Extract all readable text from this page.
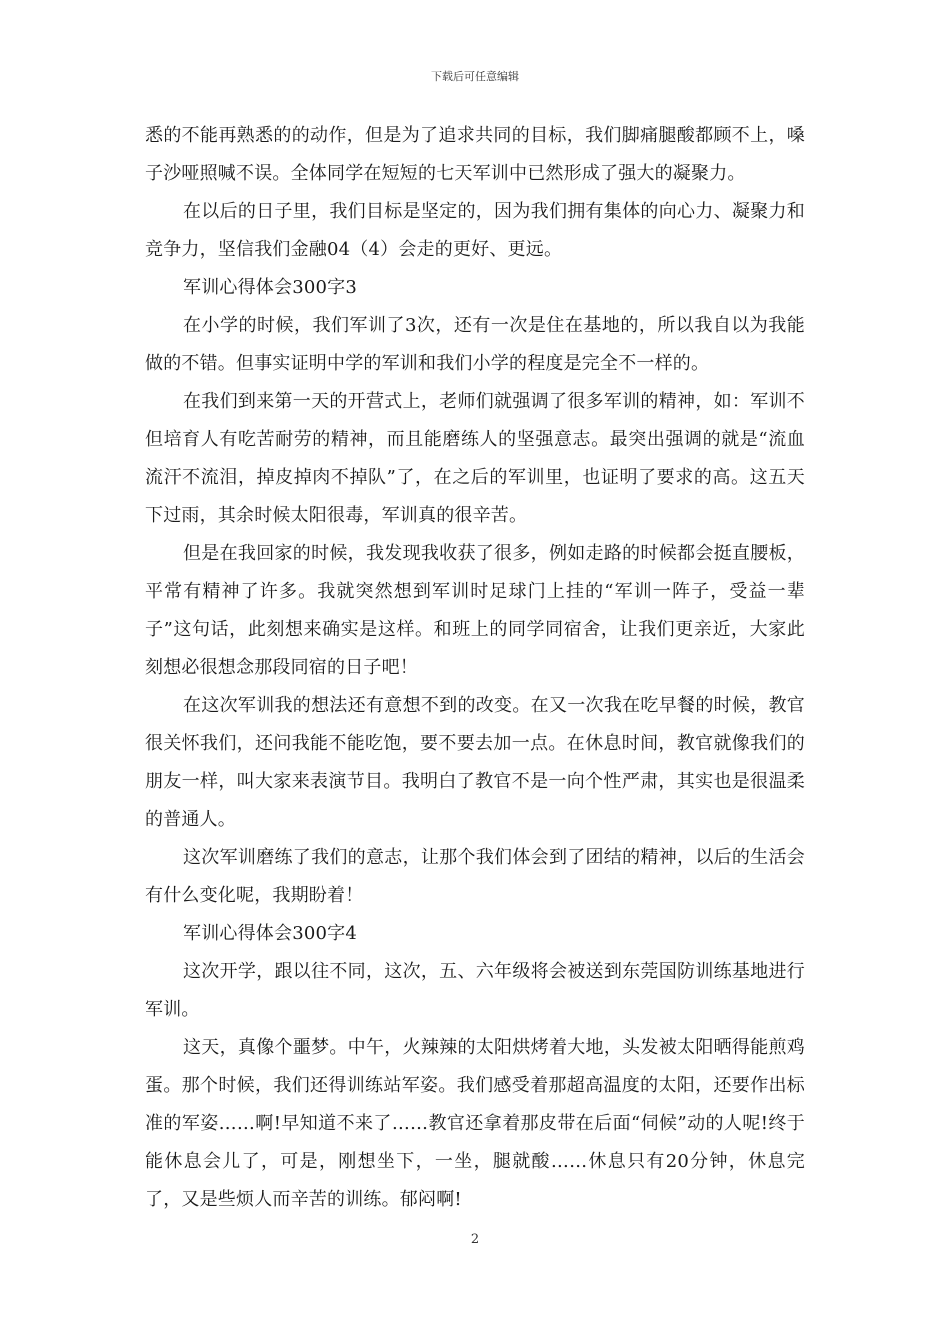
下载后可任意编辑

悉的不能再熟悉的的动作，但是为了追求共同的目标，我们脚痛腿酸都顾不上，嗓子沙哑照喊不误。全体同学在短短的七天军训中已然形成了强大的凝聚力。

在以后的日子里，我们目标是坚定的，因为我们拥有集体的向心力、凝聚力和竞争力，坚信我们金融04（4）会走的更好、更远。

军训心得体会300字3

在小学的时候，我们军训了3次，还有一次是住在基地的，所以我自以为我能做的不错。但事实证明中学的军训和我们小学的程度是完全不一样的。

在我们到来第一天的开营式上，老师们就强调了很多军训的精神，如：军训不但培育人有吃苦耐劳的精神，而且能磨练人的坚强意志。最突出强调的就是“流血流汗不流泪，掉皮掉肉不掉队”了，在之后的军训里，也证明了要求的高。这五天下过雨，其余时候太阳很毒，军训真的很辛苦。

但是在我回家的时候，我发现我收获了很多，例如走路的时候都会挺直腰板，平常有精神了许多。我就突然想到军训时足球门上挂的“军训一阵子，受益一辈子”这句话，此刻想来确实是这样。和班上的同学同宿舍，让我们更亲近，大家此刻想必很想念那段同宿的日子吧！

在这次军训我的想法还有意想不到的改变。在又一次我在吃早餐的时候，教官很关怀我们，还问我能不能吃饱，要不要去加一点。在休息时间，教官就像我们的朋友一样，叫大家来表演节目。我明白了教官不是一向个性严肃，其实也是很温柔的普通人。

这次军训磨练了我们的意志，让那个我们体会到了团结的精神，以后的生活会有什么变化呢，我期盼着！

军训心得体会300字4

这次开学，跟以往不同，这次，五、六年级将会被送到东莞国防训练基地进行军训。

这天，真像个噩梦。中午，火辣辣的太阳烘烤着大地，头发被太阳晒得能煎鸡蛋。那个时候，我们还得训练站军姿。我们感受着那超高温度的太阳，还要作出标准的军姿……啊!早知道不来了……教官还拿着那皮带在后面“伺候”动的人呢!终于能休息会儿了，可是，刚想坐下，一坐，腿就酸……休息只有20分钟，休息完了，又是些烦人而辛苦的训练。郁闷啊!

2
